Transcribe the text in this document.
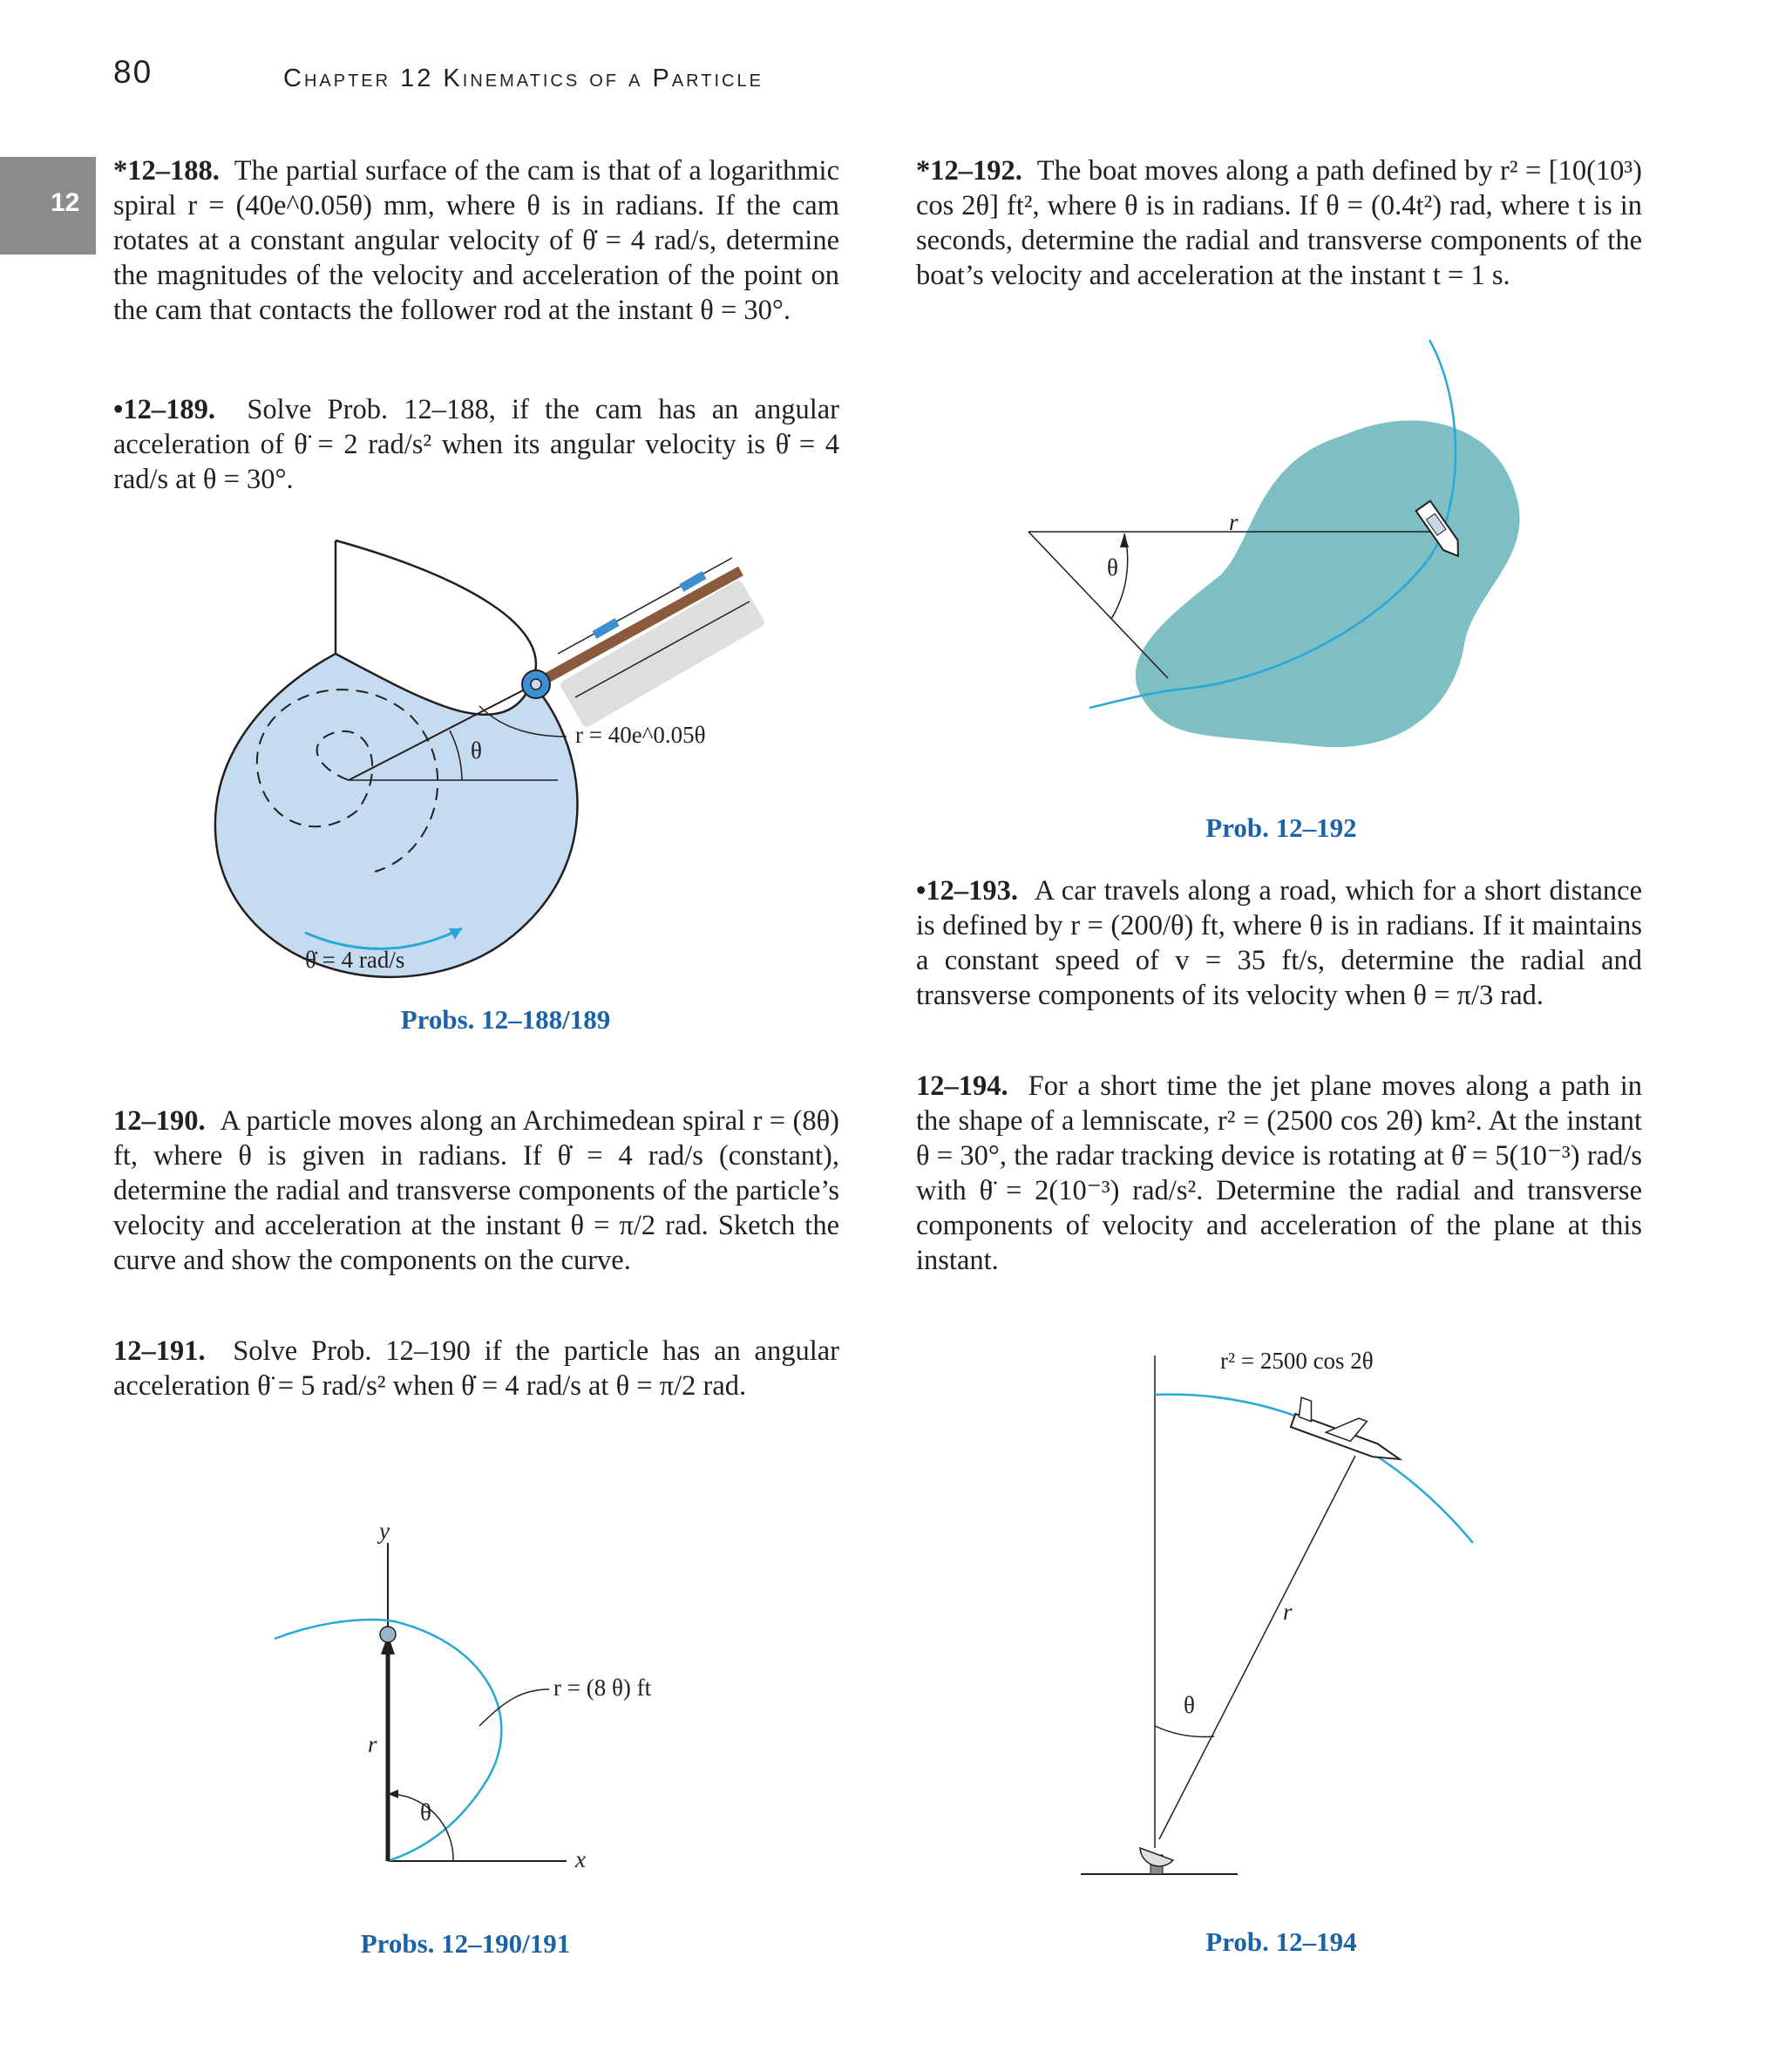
80	Chapter 12 Kinematics of a Particle
12
*12–188. The partial surface of the cam is that of a logarithmic spiral r = (40e^0.05θ) mm, where θ is in radians. If the cam rotates at a constant angular velocity of θ̇ = 4 rad/s, determine the magnitudes of the velocity and acceleration of the point on the cam that contacts the follower rod at the instant θ = 30°.
•12–189. Solve Prob. 12–188, if the cam has an angular acceleration of θ̈ = 2 rad/s² when its angular velocity is θ̇ = 4 rad/s at θ = 30°.
12–190. A particle moves along an Archimedean spiral r = (8θ) ft, where θ is given in radians. If θ̇ = 4 rad/s (constant), determine the radial and transverse components of the particle’s velocity and acceleration at the instant θ = π/2 rad. Sketch the curve and show the components on the curve.
12–191. Solve Prob. 12–190 if the particle has an angular acceleration θ̈ = 5 rad/s² when θ̇ = 4 rad/s at θ = π/2 rad.
*12–192. The boat moves along a path defined by r² = [10(10³) cos 2θ] ft², where θ is in radians. If θ = (0.4t²) rad, where t is in seconds, determine the radial and transverse components of the boat’s velocity and acceleration at the instant t = 1 s.
•12–193. A car travels along a road, which for a short distance is defined by r = (200/θ) ft, where θ is in radians. If it maintains a constant speed of v = 35 ft/s, determine the radial and transverse components of its velocity when θ = π/3 rad.
12–194. For a short time the jet plane moves along a path in the shape of a lemniscate, r² = (2500 cos 2θ) km². At the instant θ = 30°, the radar tracking device is rotating at θ̇ = 5(10⁻³) rad/s with θ̈ = 2(10⁻³) rad/s². Determine the radial and transverse components of velocity and acceleration of the plane at this instant.
θ
r = 40e^0.05θ
θ̇ = 4 rad/s
Probs. 12–188/189
y
x
r
θ
r = (8 θ) ft
Probs. 12–190/191
r
θ
Prob. 12–192
r² = 2500 cos 2θ
r
θ
Prob. 12–194
